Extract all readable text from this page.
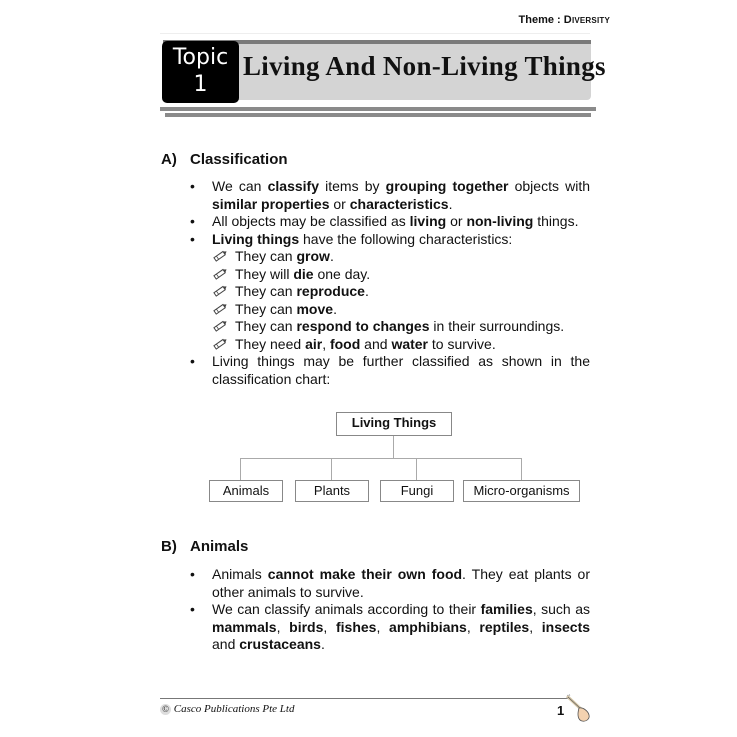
Theme : DIVERSITY
Topic
1
Living And Non-Living Things
A) Classification
• We can classify items by grouping together objects with similar properties or characteristics.
• All objects may be classified as living or non-living things.
• Living things have the following characteristics:
They can grow.
They will die one day.
They can reproduce.
They can move.
They can respond to changes in their surroundings.
They need air, food and water to survive.
• Living things may be further classified as shown in the classification chart:
Living Things
Animals	Plants	Fungi	Micro-organisms
B) Animals
• Animals cannot make their own food. They eat plants or other animals to survive.
• We can classify animals according to their families, such as mammals, birds, fishes, amphibians, reptiles, insects and crustaceans.
© Casco Publications Pte Ltd	1
